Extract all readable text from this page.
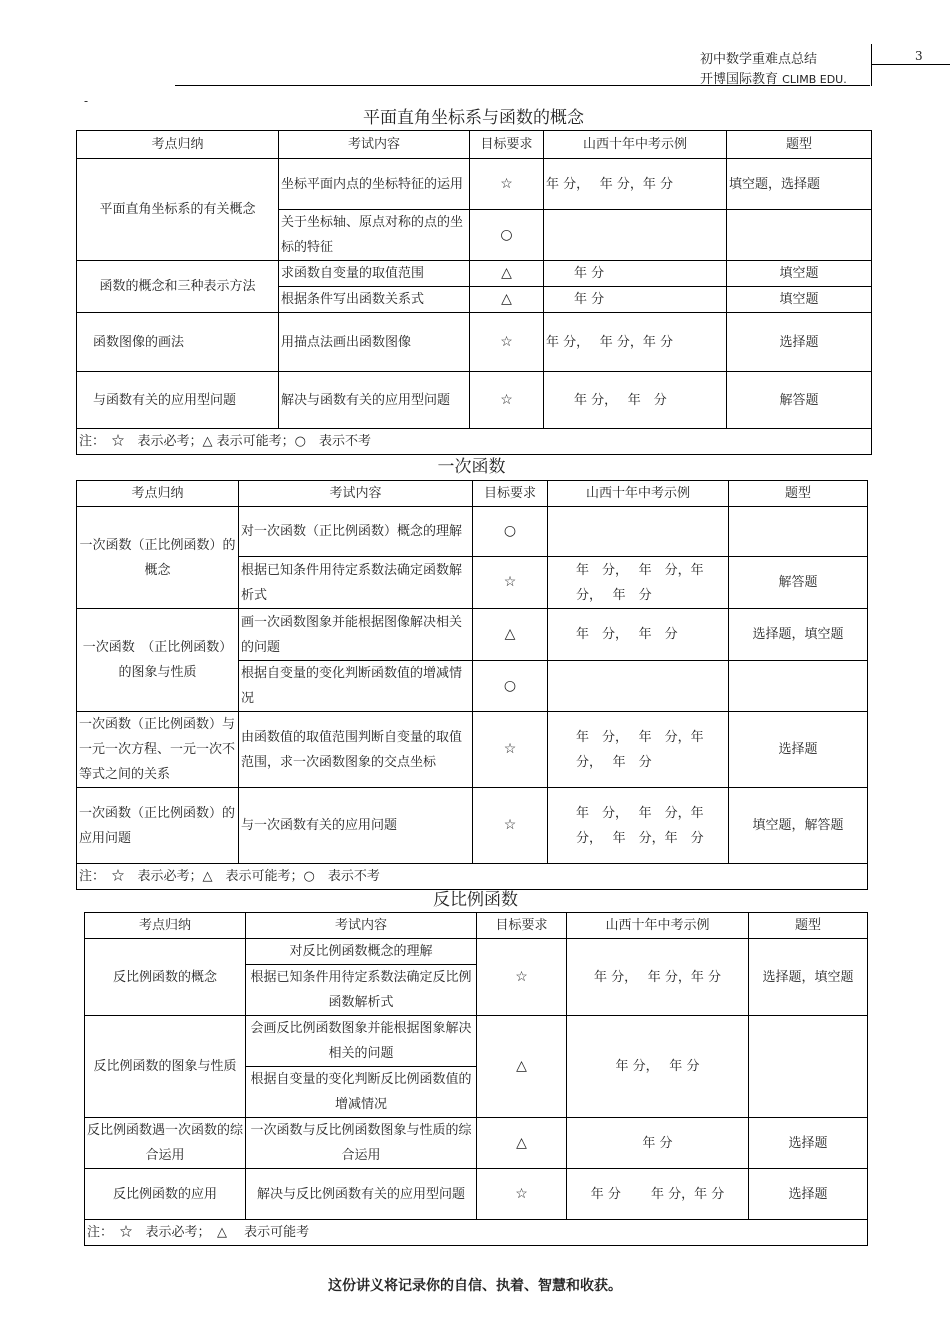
初中数学重难点总结
开博国际教育 CLIMB EDU.
3
-
平面直角坐标系与函数的概念
考点归纳	考试内容	目标要求	山西十年中考示例	题型
平面直角坐标系的有关概念	坐标平面内点的坐标特征的运用	☆	年 分，　 年 分，年 分	填空题，选择题
	关于坐标轴、原点对称的点的坐标的特征	○		
函数的概念和三种表示方法	求函数自变量的取值范围	△	年 分	填空题
	根据条件写出函数关系式	△	年 分	填空题
函数图像的画法	用描点法画出函数图像	☆	年 分，　 年 分，年 分	选择题
与函数有关的应用型问题	解决与函数有关的应用型问题	☆	年 分，　 年　分	解答题
注：　☆　表示必考；△ 表示可能考；○　表示不考				
一次函数
考点归纳	考试内容	目标要求	山西十年中考示例	题型
一次函数（正比例函数）的概念	对一次函数（正比例函数）概念的理解	○		
	根据已知条件用待定系数法确定函数解析式	☆	年　分，　 年　分，年　分，　 年　分	解答题
一次函数　（正比例函数）的图象与性质	画一次函数图象并能根据图像解决相关的问题	△	年　分，　 年　分	选择题，填空题
	根据自变量的变化判断函数值的增减情况	○		
一次函数（正比例函数）与一元一次方程、一元一次不等式之间的关系	由函数值的取值范围判断自变量的取值范围，求一次函数图象的交点坐标	☆	年　分，　 年　分，年　分，　 年　分	选择题
一次函数（正比例函数）的应用问题	与一次函数有关的应用问题	☆	年　分，　 年　分，年　分，　 年　分，年　分	填空题，解答题
注：　☆　表示必考；△　表示可能考；○　表示不考				
反比例函数
考点归纳	考试内容	目标要求	山西十年中考示例	题型
反比例函数的概念	对反比例函数概念的理解	☆	年 分，　 年 分，年 分	选择题，填空题
	根据已知条件用待定系数法确定反比例函数解析式			
反比例函数的图象与性质	会画反比例函数图象并能根据图象解决相关的问题	△	年 分，　 年 分	
	根据自变量的变化判断反比例函数值的增减情况			
反比例函数遇一次函数的综合运用	一次函数与反比例函数图象与性质的综合运用	△	年 分	选择题
反比例函数的应用	解决与反比例函数有关的应用型问题	☆	年 分　　 年 分，年 分	选择题
注：　☆　表示必考；　△　 表示可能考				
这份讲义将记录你的自信、执着、智慧和收获。
